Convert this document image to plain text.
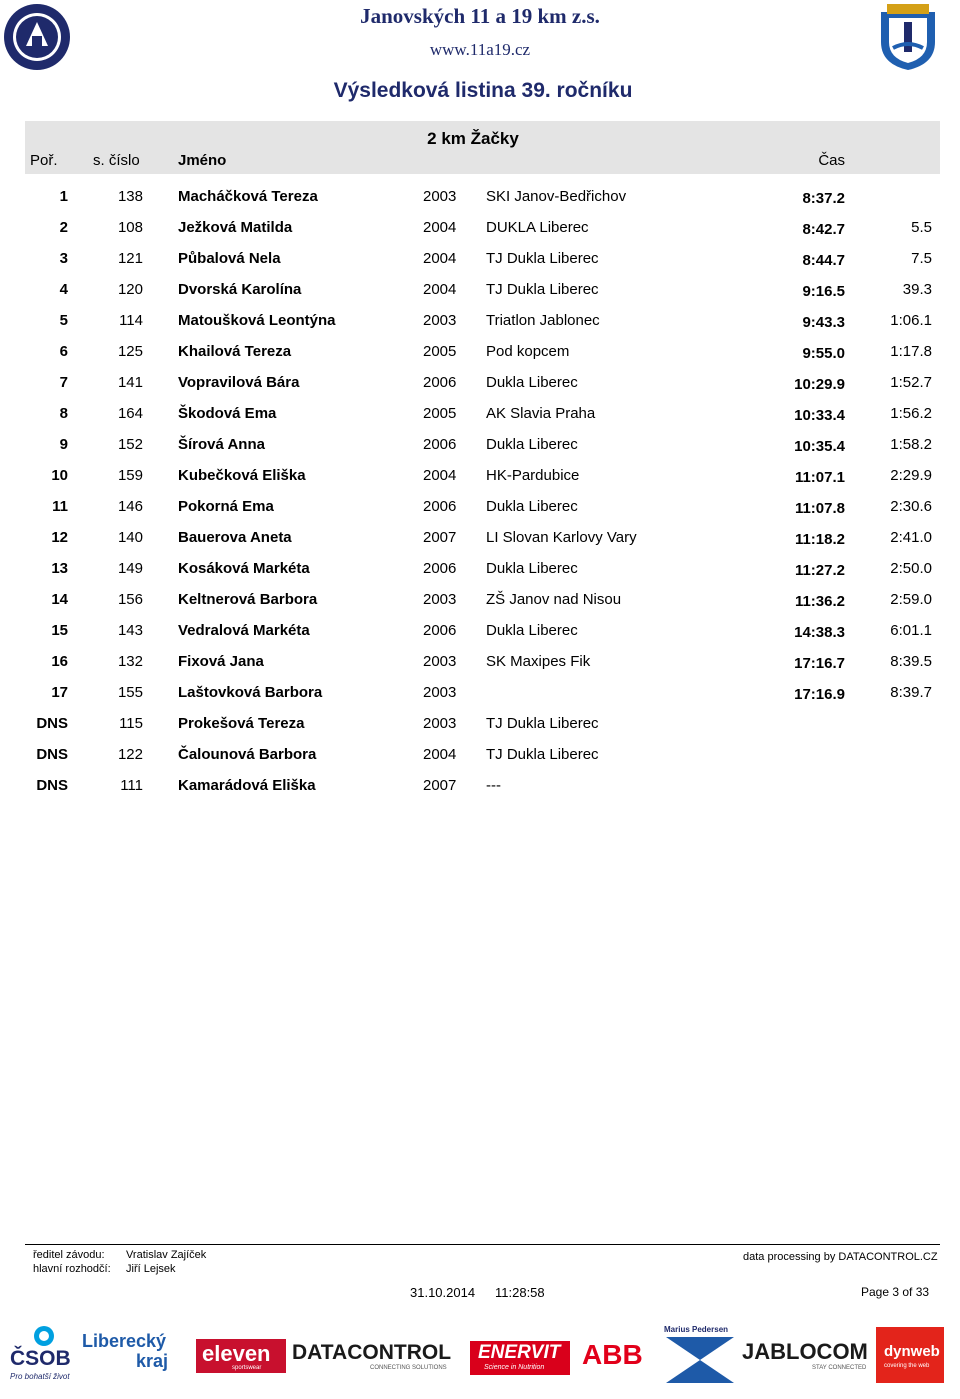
Janovských 11 a 19 km z.s.
www.11a19.cz
Výsledková listina 39. ročníku
2 km Žačky
Poř. s. číslo	Jméno	Čas
1	138 Macháčková Tereza	2003 SKI Janov-Bedřichov	8:37.2
2	108 Ježková Matilda	2004 DUKLA Liberec	8:42.7	5.5
3	121 Půbalová Nela	2004 TJ Dukla Liberec	8:44.7	7.5
4	120 Dvorská Karolína	2004 TJ Dukla Liberec	9:16.5	39.3
5	114 Matoušková Leontýna	2003 Triatlon Jablonec	9:43.3	1:06.1
6	125 Khailová Tereza	2005 Pod kopcem	9:55.0	1:17.8
7	141 Vopravilová Bára	2006 Dukla Liberec	10:29.9	1:52.7
8	164 Škodová Ema	2005 AK Slavia Praha	10:33.4	1:56.2
9	152 Šírová Anna	2006 Dukla Liberec	10:35.4	1:58.2
10	159 Kubečková Eliška	2004 HK-Pardubice	11:07.1	2:29.9
11	146 Pokorná Ema	2006 Dukla Liberec	11:07.8	2:30.6
12	140 Bauerova Aneta	2007 LI Slovan Karlovy Vary	11:18.2	2:41.0
13	149 Kosáková Markéta	2006 Dukla Liberec	11:27.2	2:50.0
14	156 Keltnerová Barbora	2003 ZŠ Janov nad Nisou	11:36.2	2:59.0
15	143 Vedralová Markéta	2006 Dukla Liberec	14:38.3	6:01.1
16	132 Fixová Jana	2003 SK Maxipes Fik	17:16.7	8:39.5
17	155 Laštovková Barbora	2003	17:16.9	8:39.7
DNS	115 Prokešová Tereza	2003 TJ Dukla Liberec
DNS	122 Čalounová Barbora	2004 TJ Dukla Liberec
DNS	111 Kamarádová Eliška	2007 ---
ředitel závodu: Vratislav Zajíček
hlavní rozhodčí: Jiří Lejsek
data processing by DATACONTROL.CZ
31.10.2014 11:28:58	Page 3 of 33
ČSOB
Pro bohatší život
Liberecký
kraj eleven
sportswear
DATACONTROL
CONNECTING SOLUTIONS
ENERVIT
Science in Nutrition ABB
Marius Pedersen
JABLOCOM
STAY CONNECTED
dynweb
covering the web
